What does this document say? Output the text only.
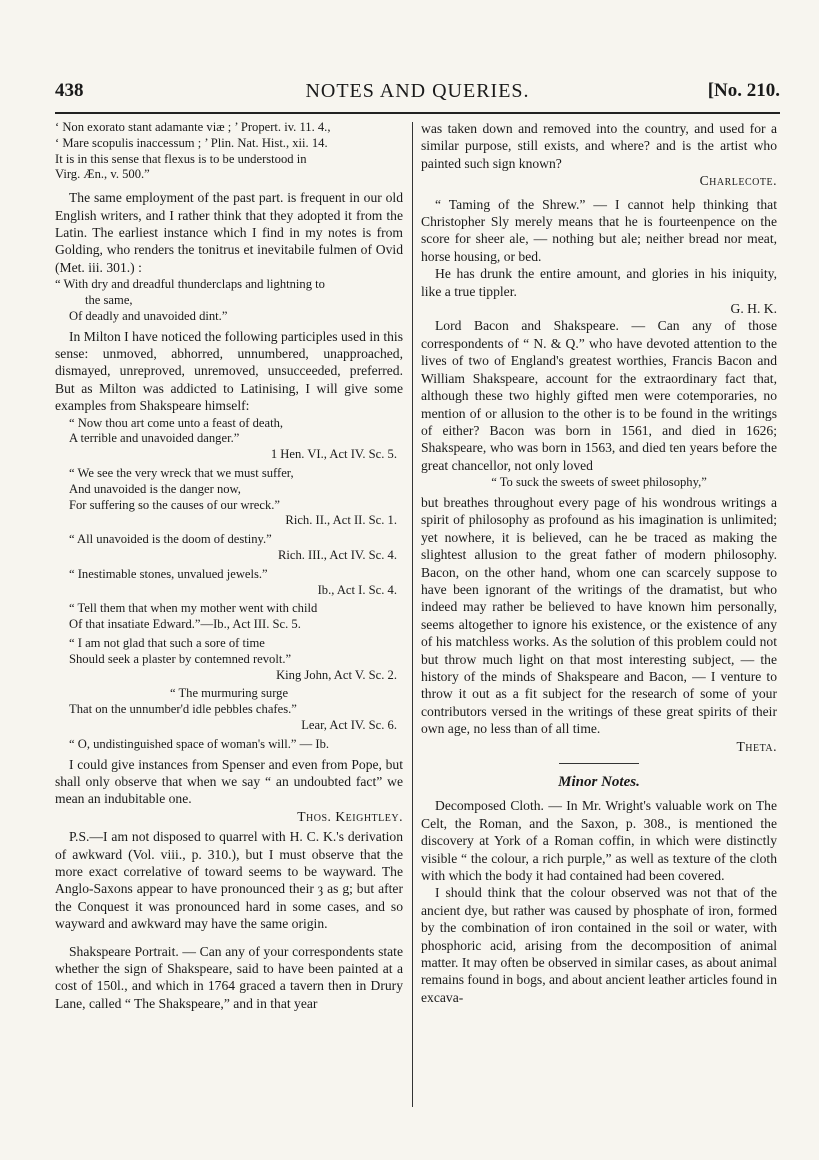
438	NOTES AND QUERIES.	[No. 210.
‘ Non exorato stant adamante viæ ; ’ Propert. iv. 11. 4.,
‘ Mare scopulis inaccessum ; ’ Plin. Nat. Hist., xii. 14.
It is in this sense that flexus is to be understood in
Virg. Æn., v. 500.”

The same employment of the past part. is frequent in our old English writers, and I rather think that they adopted it from the Latin. The earliest instance which I find in my notes is from Golding, who renders the tonitrus et inevitabile fulmen of Ovid (Met. iii. 301.) :

“ With dry and dreadful thunderclaps and lightning to
the same,
Of deadly and unavoided dint.”

In Milton I have noticed the following participles used in this sense: unmoved, abhorred, unnumbered, unapproached, dismayed, unreproved, unremoved, unsucceeded, preferred. But as Milton was addicted to Latinising, I will give some examples from Shakspeare himself:

“ Now thou art come unto a feast of death,
A terrible and unavoided danger.”
1 Hen. VI., Act IV. Sc. 5.
“ We see the very wreck that we must suffer,
And unavoided is the danger now,
For suffering so the causes of our wreck.”
Rich. II., Act II. Sc. 1.
“ All unavoided is the doom of destiny.”
Rich. III., Act IV. Sc. 4.
“ Inestimable stones, unvalued jewels.”
Ib., Act I. Sc. 4.
“ Tell them that when my mother went with child
Of that insatiate Edward.”—Ib., Act III. Sc. 5.
“ I am not glad that such a sore of time
Should seek a plaster by contemned revolt.”
King John, Act V. Sc. 2.
“ The murmuring surge
That on the unnumber'd idle pebbles chafes.”
Lear, Act IV. Sc. 6.
“ O, undistinguished space of woman's will.” — Ib.

I could give instances from Spenser and even from Pope, but shall only observe that when we say “ an undoubted fact” we mean an indubitable one.

Thos. Keightley.

P.S.—I am not disposed to quarrel with H. C. K.'s derivation of awkward (Vol. viii., p. 310.), but I must observe that the more exact correlative of toward seems to be wayward. The Anglo-Saxons appear to have pronounced their ȝ as g; but after the Conquest it was pronounced hard in some cases, and so wayward and awkward may have the same origin.

Shakspeare Portrait. — Can any of your correspondents state whether the sign of Shakspeare, said to have been painted at a cost of 150l., and which in 1764 graced a tavern then in Drury Lane, called “ The Shakspeare,” and in that year

was taken down and removed into the country, and used for a similar purpose, still exists, and where? and is the artist who painted such sign known?

Charlecote.

“ Taming of the Shrew.” — I cannot help thinking that Christopher Sly merely means that he is fourteenpence on the score for sheer ale, — nothing but ale; neither bread nor meat, horse housing, or bed.

He has drunk the entire amount, and glories in his iniquity, like a true tippler.

G. H. K.

Lord Bacon and Shakspeare. — Can any of those correspondents of “ N. & Q.” who have devoted attention to the lives of two of England's greatest worthies, Francis Bacon and William Shakspeare, account for the extraordinary fact that, although these two highly gifted men were cotemporaries, no mention of or allusion to the other is to be found in the writings of either? Bacon was born in 1561, and died in 1626; Shakspeare, who was born in 1563, and died ten years before the great chancellor, not only loved

“ To suck the sweets of sweet philosophy,”

but breathes throughout every page of his wondrous writings a spirit of philosophy as profound as his imagination is unlimited; yet nowhere, it is believed, can he be traced as making the slightest allusion to the great father of modern philosophy. Bacon, on the other hand, whom one can scarcely suppose to have been ignorant of the writings of the dramatist, but who indeed may rather be believed to have known him personally, seems altogether to ignore his existence, or the existence of any of his matchless works. As the solution of this problem could not but throw much light on that most interesting subject, — the history of the minds of Shakspeare and Bacon, — I venture to throw it out as a fit subject for the research of some of your contributors versed in the writings of these great spirits of their own age, no less than of all time.

Theta.
Minor Notes.

Decomposed Cloth. — In Mr. Wright's valuable work on The Celt, the Roman, and the Saxon, p. 308., is mentioned the discovery at York of a Roman coffin, in which were distinctly visible “ the colour, a rich purple,” as well as texture of the cloth with which the body it had contained had been covered.

I should think that the colour observed was not that of the ancient dye, but rather was caused by phosphate of iron, formed by the combination of iron contained in the soil or water, with phosphoric acid, arising from the decomposition of animal matter. It may often be observed in similar cases, as about animal remains found in bogs, and about ancient leather articles found in excava-
